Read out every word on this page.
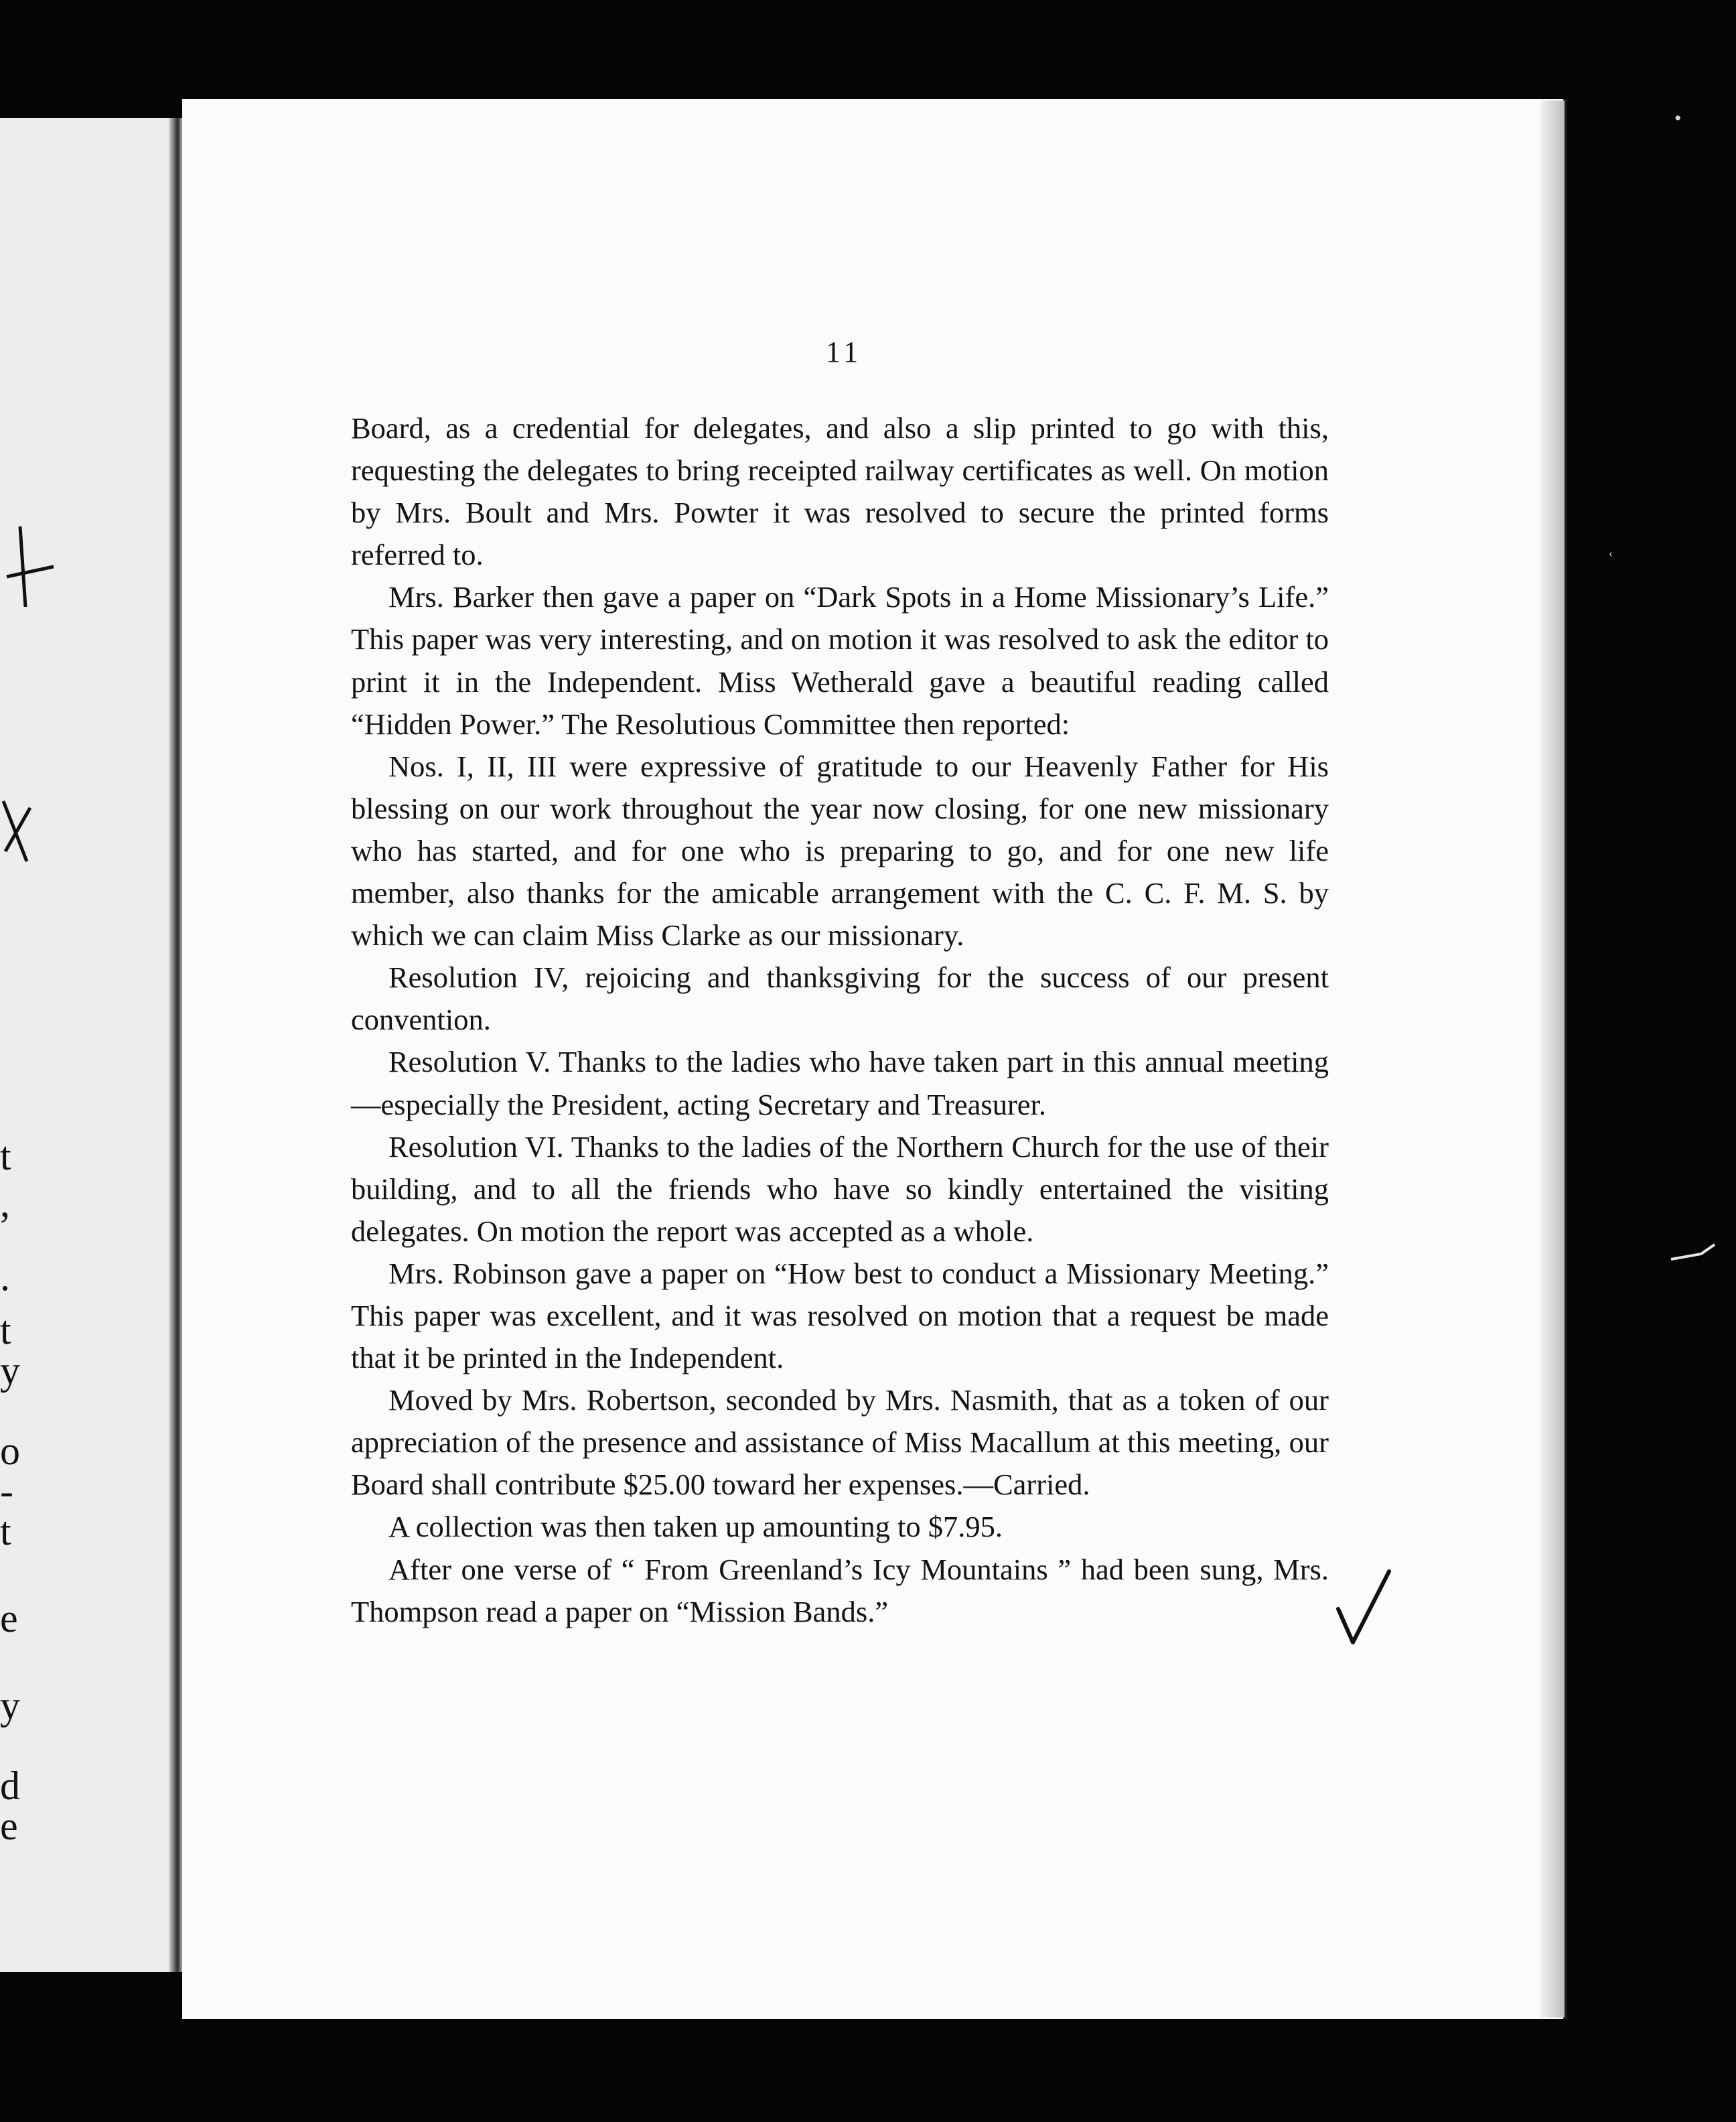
t
,
.
t
y
o
-
t
e
y
d
e
11

Board, as a credential for delegates, and also a slip printed to go with this, requesting the delegates to bring receipted railway certificates as well. On motion by Mrs. Boult and Mrs. Powter it was resolved to secure the printed forms referred to.

Mrs. Barker then gave a paper on “Dark Spots in a Home Missionary’s Life.” This paper was very interesting, and on motion it was resolved to ask the editor to print it in the Independent. Miss Wetherald gave a beautiful reading called “Hidden Power.” The Resolutious Committee then reported:

Nos. I, II, III were expressive of gratitude to our Heavenly Father for His blessing on our work throughout the year now closing, for one new missionary who has started, and for one who is preparing to go, and for one new life member, also thanks for the amicable arrangement with the C. C. F. M. S. by which we can claim Miss Clarke as our missionary.

Resolution IV, rejoicing and thanksgiving for the success of our present convention.

Resolution V. Thanks to the ladies who have taken part in this annual meeting—especially the President, acting Secretary and Treasurer.

Resolution VI. Thanks to the ladies of the Northern Church for the use of their building, and to all the friends who have so kindly entertained the visiting delegates. On motion the report was accepted as a whole.

Mrs. Robinson gave a paper on “How best to conduct a Missionary Meeting.” This paper was excellent, and it was resolved on motion that a request be made that it be printed in the Independent.

Moved by Mrs. Robertson, seconded by Mrs. Nasmith, that as a token of our appreciation of the presence and assistance of Miss Macallum at this meeting, our Board shall contribute $25.00 toward her expenses.—Carried.

A collection was then taken up amounting to $7.95.

After one verse of “ From Greenland’s Icy Mountains ” had been sung, Mrs. Thompson read a paper on “Mission Bands.”

•
ʿ
